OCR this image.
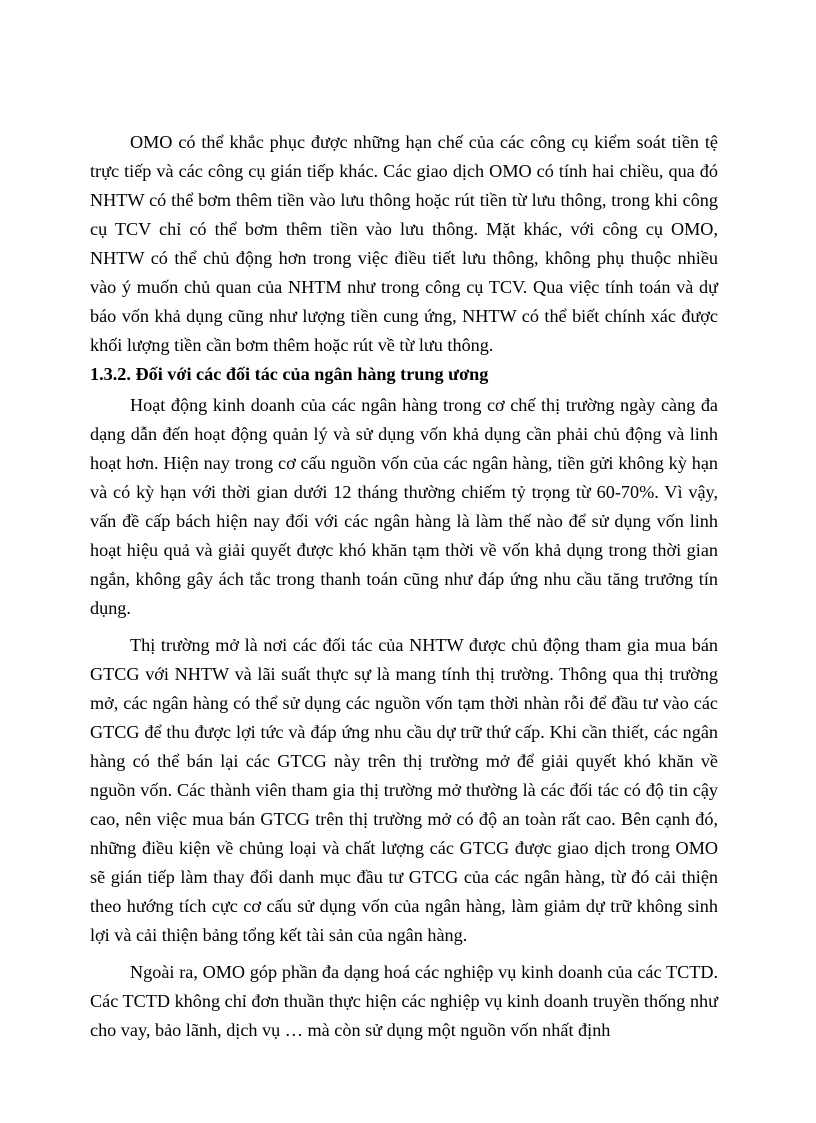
OMO có thể khắc phục được những hạn chế của các công cụ kiểm soát tiền tệ trực tiếp và các công cụ gián tiếp khác. Các giao dịch OMO có tính hai chiều, qua đó NHTW có thể bơm thêm tiền vào lưu thông hoặc rút tiền từ lưu thông, trong khi công cụ TCV chỉ có thể bơm thêm tiền vào lưu thông. Mặt khác, với công cụ OMO, NHTW có thể chủ động hơn trong việc điều tiết lưu thông, không phụ thuộc nhiều vào ý muốn chủ quan của NHTM như trong công cụ TCV. Qua việc tính toán và dự báo vốn khả dụng cũng như lượng tiền cung ứng, NHTW có thể biết chính xác được khối lượng tiền cần bơm thêm hoặc rút về từ lưu thông.

1.3.2. Đối với các đối tác của ngân hàng trung ương

Hoạt động kinh doanh của các ngân hàng trong cơ chế thị trường ngày càng đa dạng dẫn đến hoạt động quản lý và sử dụng vốn khả dụng cần phải chủ động và linh hoạt hơn. Hiện nay trong cơ cấu nguồn vốn của các ngân hàng, tiền gửi không kỳ hạn và có kỳ hạn với thời gian dưới 12 tháng thường chiếm tỷ trọng từ 60-70%. Vì vậy, vấn đề cấp bách hiện nay đối với các ngân hàng là làm thế nào để sử dụng vốn linh hoạt hiệu quả và giải quyết được khó khăn tạm thời về vốn khả dụng trong thời gian ngắn, không gây ách tắc trong thanh toán cũng như đáp ứng nhu cầu tăng trưởng tín dụng.

Thị trường mở là nơi các đối tác của NHTW được chủ động tham gia mua bán GTCG với NHTW và lãi suất thực sự là mang tính thị trường. Thông qua thị trường mở, các ngân hàng có thể sử dụng các nguồn vốn tạm thời nhàn rỗi để đầu tư vào các GTCG để thu được lợi tức và đáp ứng nhu cầu dự trữ thứ cấp. Khi cần thiết, các ngân hàng có thể bán lại các GTCG này trên thị trường mở để giải quyết khó khăn về nguồn vốn. Các thành viên tham gia thị trường mở thường là các đối tác có độ tin cậy cao, nên việc mua bán GTCG trên thị trường mở có độ an toàn rất cao. Bên cạnh đó, những điều kiện về chủng loại và chất lượng các GTCG được giao dịch trong OMO sẽ gián tiếp làm thay đổi danh mục đầu tư GTCG của các ngân hàng, từ đó cải thiện theo hướng tích cực cơ cấu sử dụng vốn của ngân hàng, làm giảm dự trữ không sinh lợi và cải thiện bảng tổng kết tài sản của ngân hàng.

Ngoài ra, OMO góp phần đa dạng hoá các nghiệp vụ kinh doanh của các TCTD. Các TCTD không chỉ đơn thuần thực hiện các nghiệp vụ kinh doanh truyền thống như cho vay, bảo lãnh, dịch vụ … mà còn sử dụng một nguồn vốn nhất định
